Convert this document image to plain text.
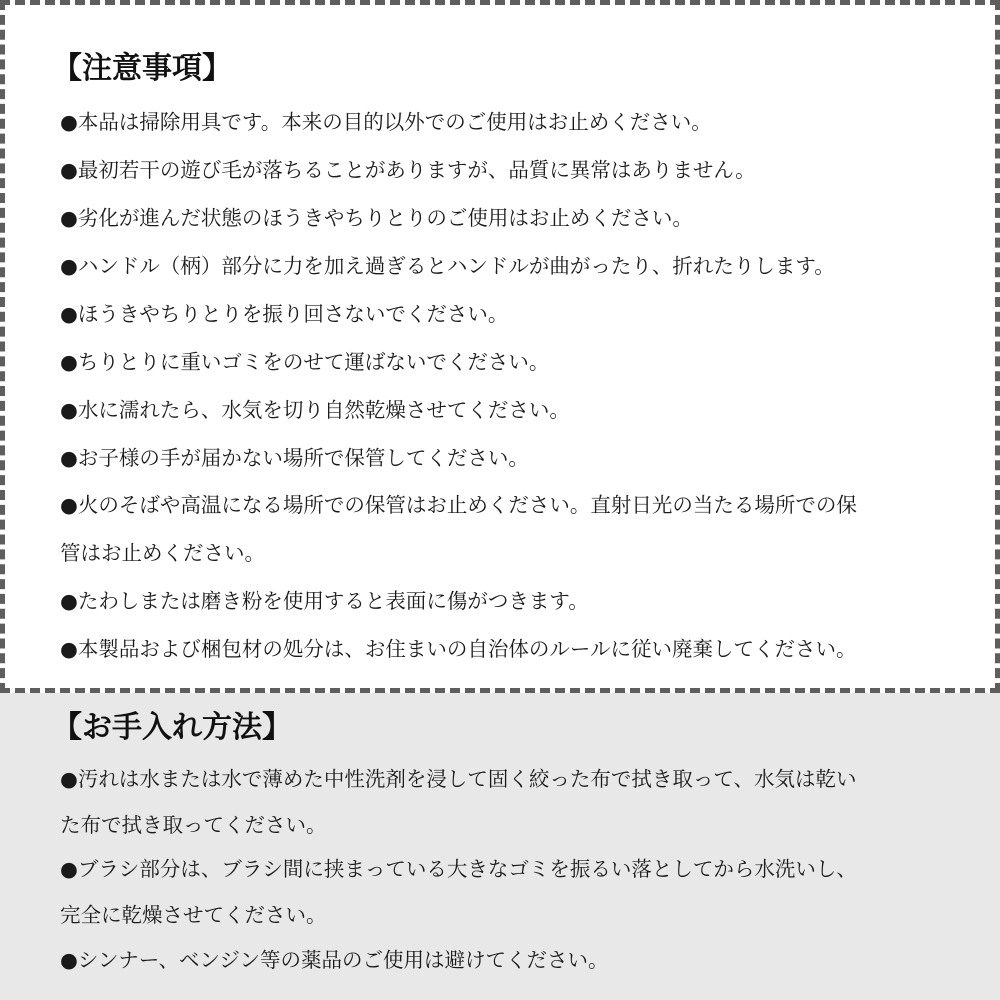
【注意事項】

●本品は掃除用具です。本来の目的以外でのご使用はお止めください。

●最初若干の遊び毛が落ちることがありますが、品質に異常はありません。

●劣化が進んだ状態のほうきやちりとりのご使用はお止めください。

●ハンドル（柄）部分に力を加え過ぎるとハンドルが曲がったり、折れたりします。

●ほうきやちりとりを振り回さないでください。

●ちりとりに重いゴミをのせて運ばないでください。

●水に濡れたら、水気を切り自然乾燥させてください。

●お子様の手が届かない場所で保管してください。

●火のそばや高温になる場所での保管はお止めください。直射日光の当たる場所での保

管はお止めください。

●たわしまたは磨き粉を使用すると表面に傷がつきます。

●本製品および梱包材の処分は、お住まいの自治体のルールに従い廃棄してください。

【お手入れ方法】

●汚れは水または水で薄めた中性洗剤を浸して固く絞った布で拭き取って、水気は乾い

た布で拭き取ってください。

●ブラシ部分は、ブラシ間に挟まっている大きなゴミを振るい落としてから水洗いし、

完全に乾燥させてください。

●シンナー、ベンジン等の薬品のご使用は避けてください。
